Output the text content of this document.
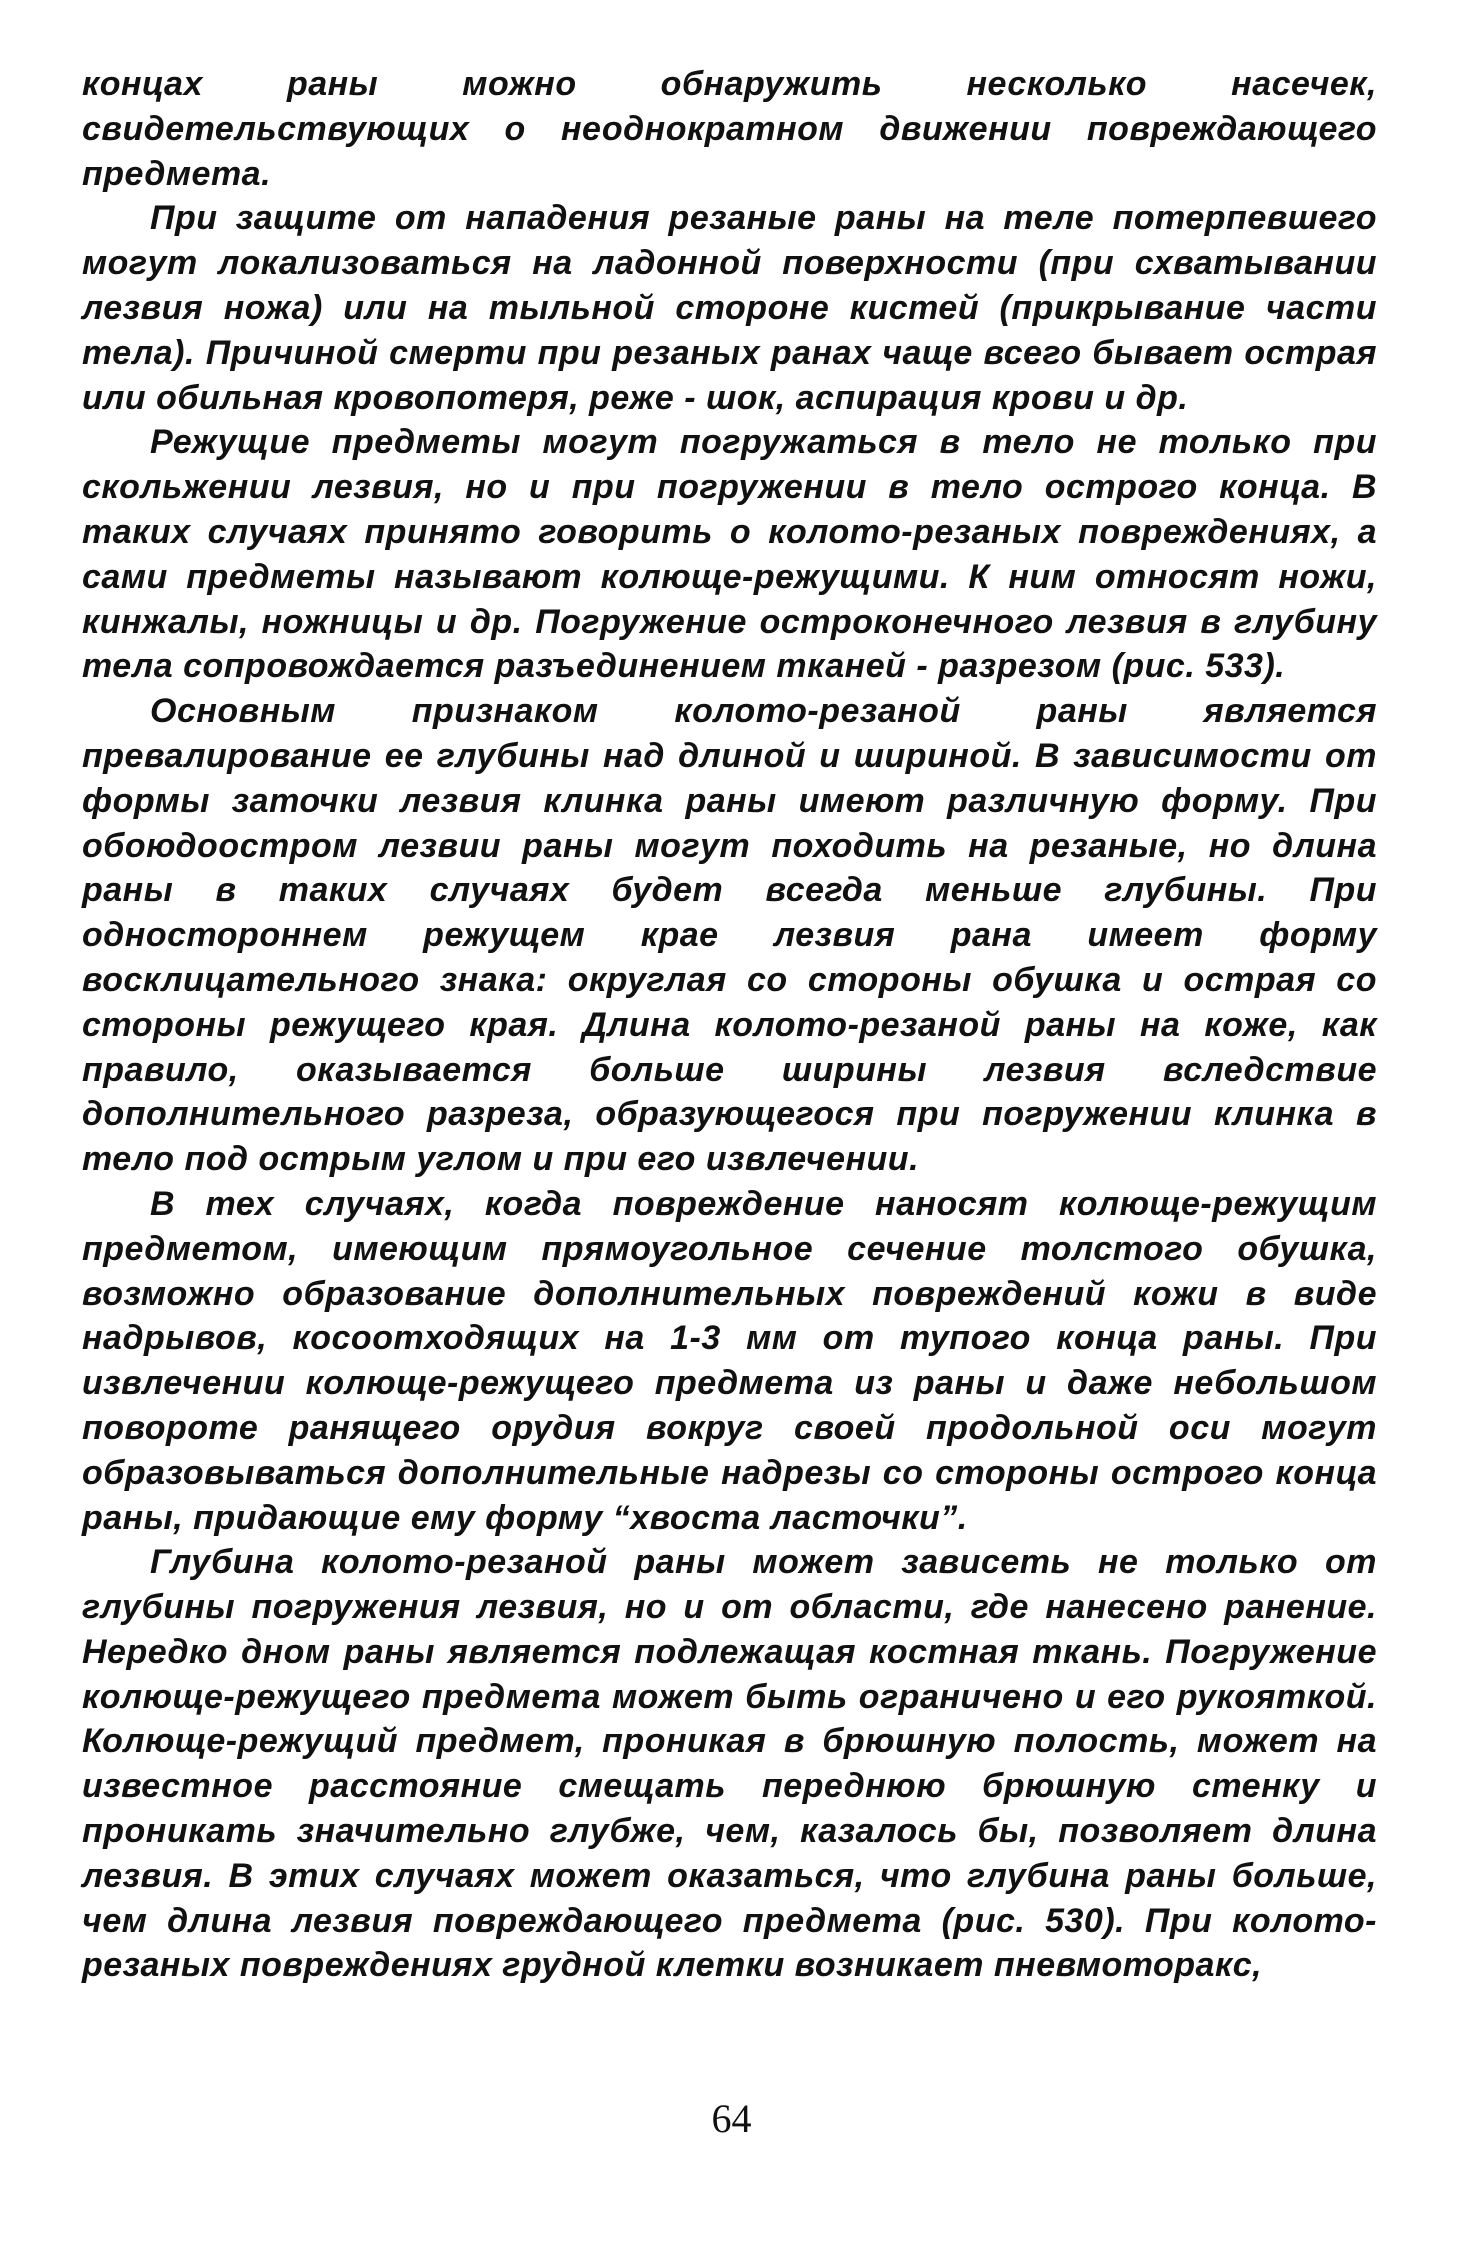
концах раны можно обнаружить несколько насечек, свидетельствующих о неоднократном движении повреждающего предмета.

При защите от нападения резаные раны на теле потерпевшего могут локализоваться на ладонной поверхности (при схватывании лезвия ножа) или на тыльной стороне кистей (прикрывание части тела). Причиной смерти при резаных ранах чаще всего бывает острая или обильная кровопотеря, реже - шок, аспирация крови и др.

Режущие предметы могут погружаться в тело не только при скольжении лезвия, но и при погружении в тело острого конца. В таких случаях принято говорить о колото-резаных повреждениях, а сами предметы называют колюще-режущими. К ним относят ножи, кинжалы, ножницы и др. Погружение остроконечного лезвия в глубину тела сопровождается разъединением тканей - разрезом (рис. 533).

Основным признаком колото-резаной раны является превалирование ее глубины над длиной и шириной. В зависимости от формы заточки лезвия клинка раны имеют различную форму. При обоюдоостром лезвии раны могут походить на резаные, но длина раны в таких случаях будет всегда меньше глубины. При одностороннем режущем крае лезвия рана имеет форму восклицательного знака: округлая со стороны обушка и острая со стороны режущего края. Длина колото-резаной раны на коже, как правило, оказывается больше ширины лезвия вследствие дополнительного разреза, образующегося при погружении клинка в тело под острым углом и при его извлечении.

В тех случаях, когда повреждение наносят колюще-режущим предметом, имеющим прямоугольное сечение толстого обушка, возможно образование дополнительных повреждений кожи в виде надрывов, косоотходящих на 1-3 мм от тупого конца раны. При извлечении колюще-режущего предмета из раны и даже небольшом повороте ранящего орудия вокруг своей продольной оси могут образовываться дополнительные надрезы со стороны острого конца раны, придающие ему форму “хвоста ласточки”.

Глубина колото-резаной раны может зависеть не только от глубины погружения лезвия, но и от области, где нанесено ранение. Нередко дном раны является подлежащая костная ткань. Погружение колюще-режущего предмета может быть ограничено и его рукояткой. Колюще-режущий предмет, проникая в брюшную полость, может на известное расстояние смещать переднюю брюшную стенку и проникать значительно глубже, чем, казалось бы, позволяет длина лезвия. В этих случаях может оказаться, что глубина раны больше, чем длина лезвия повреждающего предмета (рис. 530). При колото-резаных повреждениях грудной клетки возникает пневмоторакс,

64
